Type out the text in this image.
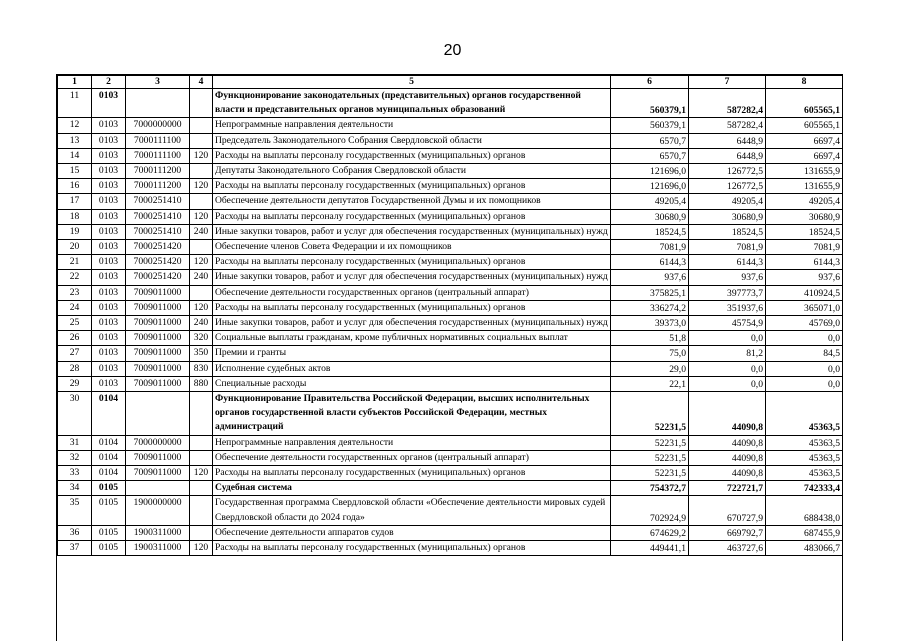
20
1	2	3	4	5	6	7	8
11	0103			Функционирование законодательных (представительных) органов государственной власти и представительных органов муниципальных образований	560379,1	587282,4	605565,1
12	0103	7000000000		Непрограммные направления деятельности	560379,1	587282,4	605565,1
13	0103	7000111100		Председатель Законодательного Собрания Свердловской области	6570,7	6448,9	6697,4
14	0103	7000111100	120	Расходы на выплаты персоналу государственных (муниципальных) органов	6570,7	6448,9	6697,4
15	0103	7000111200		Депутаты Законодательного Собрания Свердловской области	121696,0	126772,5	131655,9
16	0103	7000111200	120	Расходы на выплаты персоналу государственных (муниципальных) органов	121696,0	126772,5	131655,9
17	0103	7000251410		Обеспечение деятельности депутатов Государственной Думы и их помощников	49205,4	49205,4	49205,4
18	0103	7000251410	120	Расходы на выплаты персоналу государственных (муниципальных) органов	30680,9	30680,9	30680,9
19	0103	7000251410	240	Иные закупки товаров, работ и услуг для обеспечения государственных (муниципальных) нужд	18524,5	18524,5	18524,5
20	0103	7000251420		Обеспечение членов Совета Федерации и их помощников	7081,9	7081,9	7081,9
21	0103	7000251420	120	Расходы на выплаты персоналу государственных (муниципальных) органов	6144,3	6144,3	6144,3
22	0103	7000251420	240	Иные закупки товаров, работ и услуг для обеспечения государственных (муниципальных) нужд	937,6	937,6	937,6
23	0103	7009011000		Обеспечение деятельности государственных органов (центральный аппарат)	375825,1	397773,7	410924,5
24	0103	7009011000	120	Расходы на выплаты персоналу государственных (муниципальных) органов	336274,2	351937,6	365071,0
25	0103	7009011000	240	Иные закупки товаров, работ и услуг для обеспечения государственных (муниципальных) нужд	39373,0	45754,9	45769,0
26	0103	7009011000	320	Социальные выплаты гражданам, кроме публичных нормативных социальных выплат	51,8	0,0	0,0
27	0103	7009011000	350	Премии и гранты	75,0	81,2	84,5
28	0103	7009011000	830	Исполнение судебных актов	29,0	0,0	0,0
29	0103	7009011000	880	Специальные расходы	22,1	0,0	0,0
30	0104			Функционирование Правительства Российской Федерации, высших исполнительных органов государственной власти субъектов Российской Федерации, местных администраций	52231,5	44090,8	45363,5
31	0104	7000000000		Непрограммные направления деятельности	52231,5	44090,8	45363,5
32	0104	7009011000		Обеспечение деятельности государственных органов (центральный аппарат)	52231,5	44090,8	45363,5
33	0104	7009011000	120	Расходы на выплаты персоналу государственных (муниципальных) органов	52231,5	44090,8	45363,5
34	0105			Судебная система	754372,7	722721,7	742333,4
35	0105	1900000000		Государственная программа Свердловской области «Обеспечение деятельности мировых судей Свердловской области до 2024 года»	702924,9	670727,9	688438,0
36	0105	1900311000		Обеспечение деятельности аппаратов судов	674629,2	669792,7	687455,9
37	0105	1900311000	120	Расходы на выплаты персоналу государственных (муниципальных) органов	449441,1	463727,6	483066,7
